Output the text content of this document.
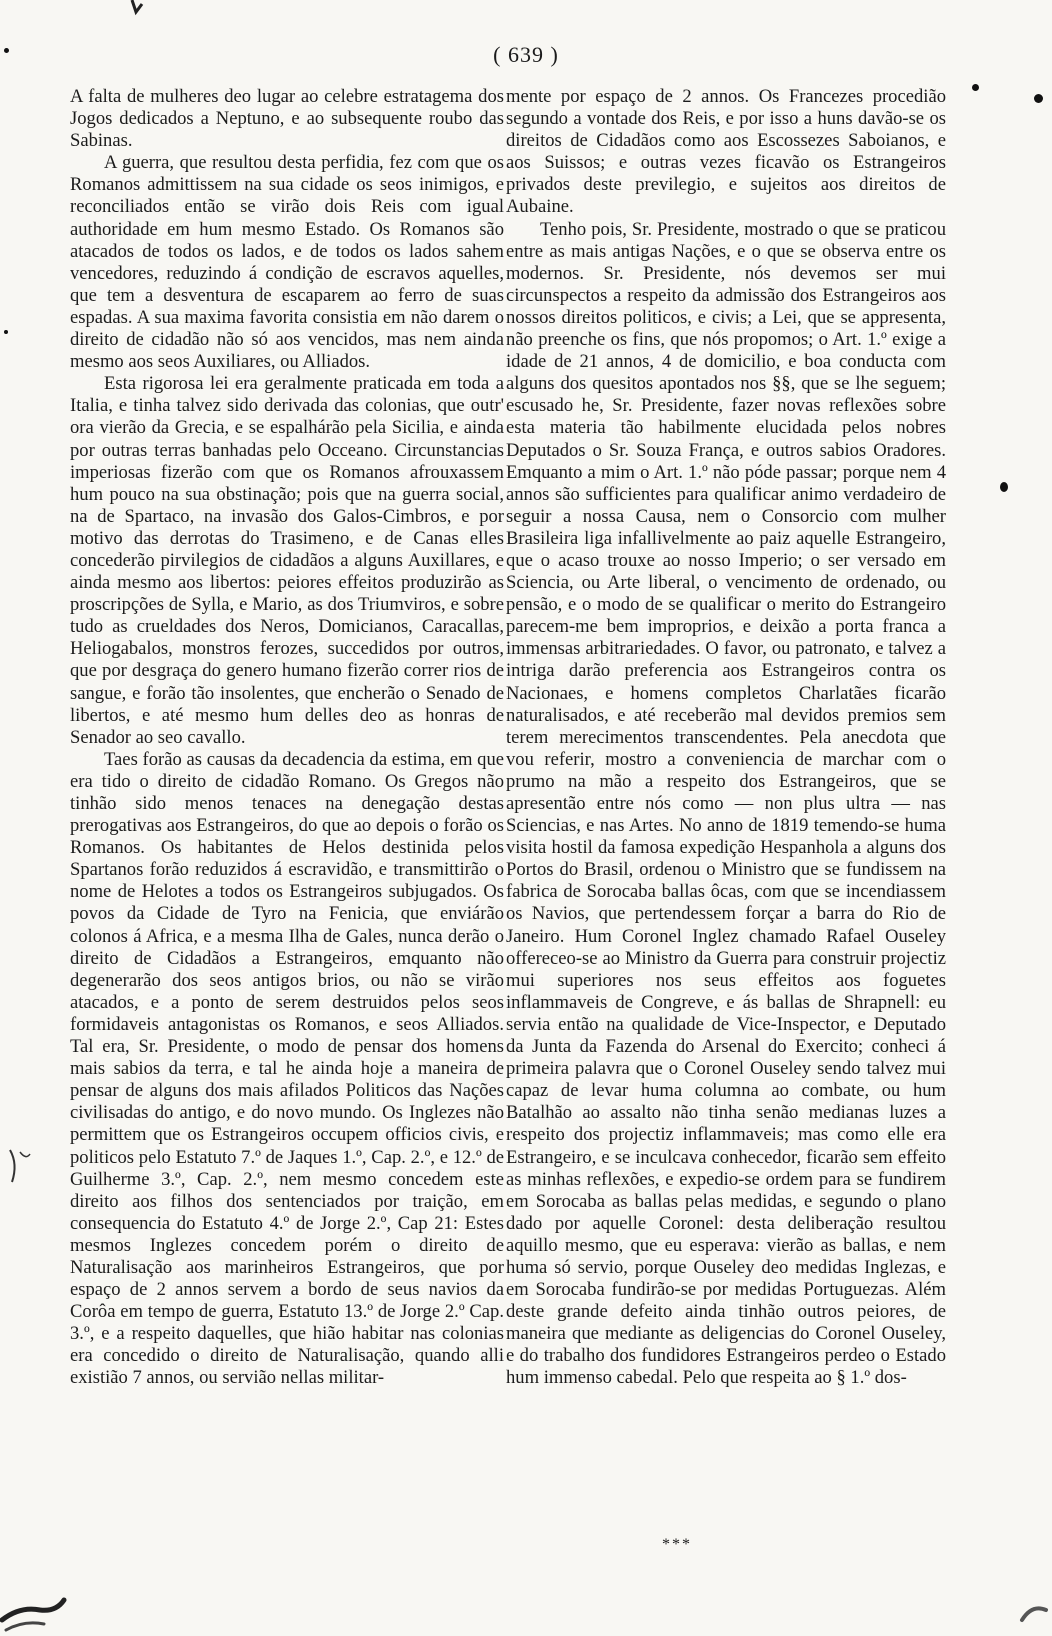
( 639 )

A falta de mulheres deo lugar ao celebre estratagema dos Jogos dedicados a Neptuno, e ao subsequente roubo das Sabinas.

A guerra, que resultou desta perfidia, fez com que os Romanos admittissem na sua cidade os seos inimigos, e reconciliados então se virão dois Reis com igual authoridade em hum mesmo Estado. Os Romanos são atacados de todos os lados, e de todos os lados sahem vencedores, reduzindo á condição de escravos aquelles, que tem a desventura de escaparem ao ferro de suas espadas. A sua maxima favorita consistia em não darem o direito de cidadão não só aos vencidos, mas nem ainda mesmo aos seos Auxiliares, ou Alliados.

Esta rigorosa lei era geralmente praticada em toda a Italia, e tinha talvez sido derivada das colonias, que outr' ora vierão da Grecia, e se espalhárão pela Sicilia, e ainda por outras terras banhadas pelo Occeano. Circunstancias imperiosas fizerão com que os Romanos afrouxassem hum pouco na sua obstinação; pois que na guerra social, na de Spartaco, na invasão dos Galos-Cimbros, e por motivo das derrotas do Trasimeno, e de Canas elles concederão pirvilegios de cidadãos a alguns Auxillares, e ainda mesmo aos libertos: peiores effeitos produzirão as proscripções de Sylla, e Mario, as dos Triumviros, e sobre tudo as crueldades dos Neros, Domicianos, Caracallas, Heliogabalos, monstros ferozes, succedidos por outros, que por desgraça do genero humano fizerão correr rios de sangue, e forão tão insolentes, que encherão o Senado de libertos, e até mesmo hum delles deo as honras de Senador ao seo cavallo.

Taes forão as causas da decadencia da estima, em que era tido o direito de cidadão Romano. Os Gregos não tinhão sido menos tenaces na denegação destas prerogativas aos Estrangeiros, do que ao depois o forão os Romanos. Os habitantes de Helos destinida pelos Spartanos forão reduzidos á escravidão, e transmittirão o nome de Helotes a todos os Estrangeiros subjugados. Os povos da Cidade de Tyro na Fenicia, que enviárão colonos á Africa, e a mesma Ilha de Gales, nunca derão o direito de Cidadãos a Estrangeiros, emquanto não degenerarão dos seos antigos brios, ou não se virão atacados, e a ponto de serem destruidos pelos seos formidaveis antagonistas os Romanos, e seos Alliados. Tal era, Sr. Presidente, o modo de pensar dos homens mais sabios da terra, e tal he ainda hoje a maneira de pensar de alguns dos mais afilados Politicos das Nações civilisadas do antigo, e do novo mundo. Os Inglezes não permittem que os Estrangeiros occupem officios civis, e politicos pelo Estatuto 7.º de Jaques 1.º, Cap. 2.º, e 12.º de Guilherme 3.º, Cap. 2.º, nem mesmo concedem este direito aos filhos dos sentenciados por traição, em consequencia do Estatuto 4.º de Jorge 2.º, Cap 21: Estes mesmos Inglezes concedem porém o direito de Naturalisação aos marinheiros Estrangeiros, que por espaço de 2 annos servem a bordo de seus navios da Corôa em tempo de guerra, Estatuto 13.º de Jorge 2.º Cap. 3.º, e a respeito daquelles, que hião habitar nas colonias era concedido o direito de Naturalisação, quando alli existião 7 annos, ou servião nellas militar-

mente por espaço de 2 annos. Os Francezes procedião segundo a vontade dos Reis, e por isso a huns davão-se os direitos de Cidadãos como aos Escossezes Saboianos, e aos Suissos; e outras vezes ficavão os Estrangeiros privados deste previlegio, e sujeitos aos direitos de Aubaine.

Tenho pois, Sr. Presidente, mostrado o que se praticou entre as mais antigas Nações, e o que se observa entre os modernos. Sr. Presidente, nós devemos ser mui circunspectos a respeito da admissão dos Estrangeiros aos nossos direitos politicos, e civis; a Lei, que se appresenta, não preenche os fins, que nós propomos; o Art. 1.º exige a idade de 21 annos, 4 de domicilio, e boa conducta com alguns dos quesitos apontados nos §§, que se lhe seguem; escusado he, Sr. Presidente, fazer novas reflexões sobre esta materia tão habilmente elucidada pelos nobres Deputados o Sr. Souza França, e outros sabios Oradores. Emquanto a mim o Art. 1.º não póde passar; porque nem 4 annos são sufficientes para qualificar animo verdadeiro de seguir a nossa Causa, nem o Consorcio com mulher Brasileira liga infallivelmente ao paiz aquelle Estrangeiro, que o acaso trouxe ao nosso Imperio; o ser versado em Sciencia, ou Arte liberal, o vencimento de ordenado, ou pensão, e o modo de se qualificar o merito do Estrangeiro parecem-me bem improprios, e deixão a porta franca a immensas arbitrariedades. O favor, ou patronato, e talvez a intriga darão preferencia aos Estrangeiros contra os Nacionaes, e homens completos Charlatães ficarão naturalisados, e até receberão mal devidos premios sem terem merecimentos transcendentes. Pela anecdota que vou referir, mostro a conveniencia de marchar com o prumo na mão a respeito dos Estrangeiros, que se apresentão entre nós como — non plus ultra — nas Sciencias, e nas Artes. No anno de 1819 temendo-se huma visita hostil da famosa expedição Hespanhola a alguns dos Portos do Brasil, ordenou o Ministro que se fundissem na fabrica de Sorocaba ballas ôcas, com que se incendiassem os Navios, que pertendessem forçar a barra do Rio de Janeiro. Hum Coronel Inglez chamado Rafael Ouseley offereceo-se ao Ministro da Guerra para construir projectiz mui superiores nos seus effeitos aos foguetes inflammaveis de Congreve, e ás ballas de Shrapnell: eu servia então na qualidade de Vice-Inspector, e Deputado da Junta da Fazenda do Arsenal do Exercito; conheci á primeira palavra que o Coronel Ouseley sendo talvez mui capaz de levar huma columna ao combate, ou hum Batalhão ao assalto não tinha senão medianas luzes a respeito dos projectiz inflammaveis; mas como elle era Estrangeiro, e se inculcava conhecedor, ficarão sem effeito as minhas reflexões, e expedio-se ordem para se fundirem em Sorocaba as ballas pelas medidas, e segundo o plano dado por aquelle Coronel: desta deliberação resultou aquillo mesmo, que eu esperava: vierão as ballas, e nem huma só servio, porque Ouseley deo medidas Inglezas, e em Sorocaba fundirão-se por medidas Portuguezas. Além deste grande defeito ainda tinhão outros peiores, de maneira que mediante as deligencias do Coronel Ouseley, e do trabalho dos fundidores Estrangeiros perdeo o Estado hum immenso cabedal. Pelo que respeita ao § 1.º dos-

***
